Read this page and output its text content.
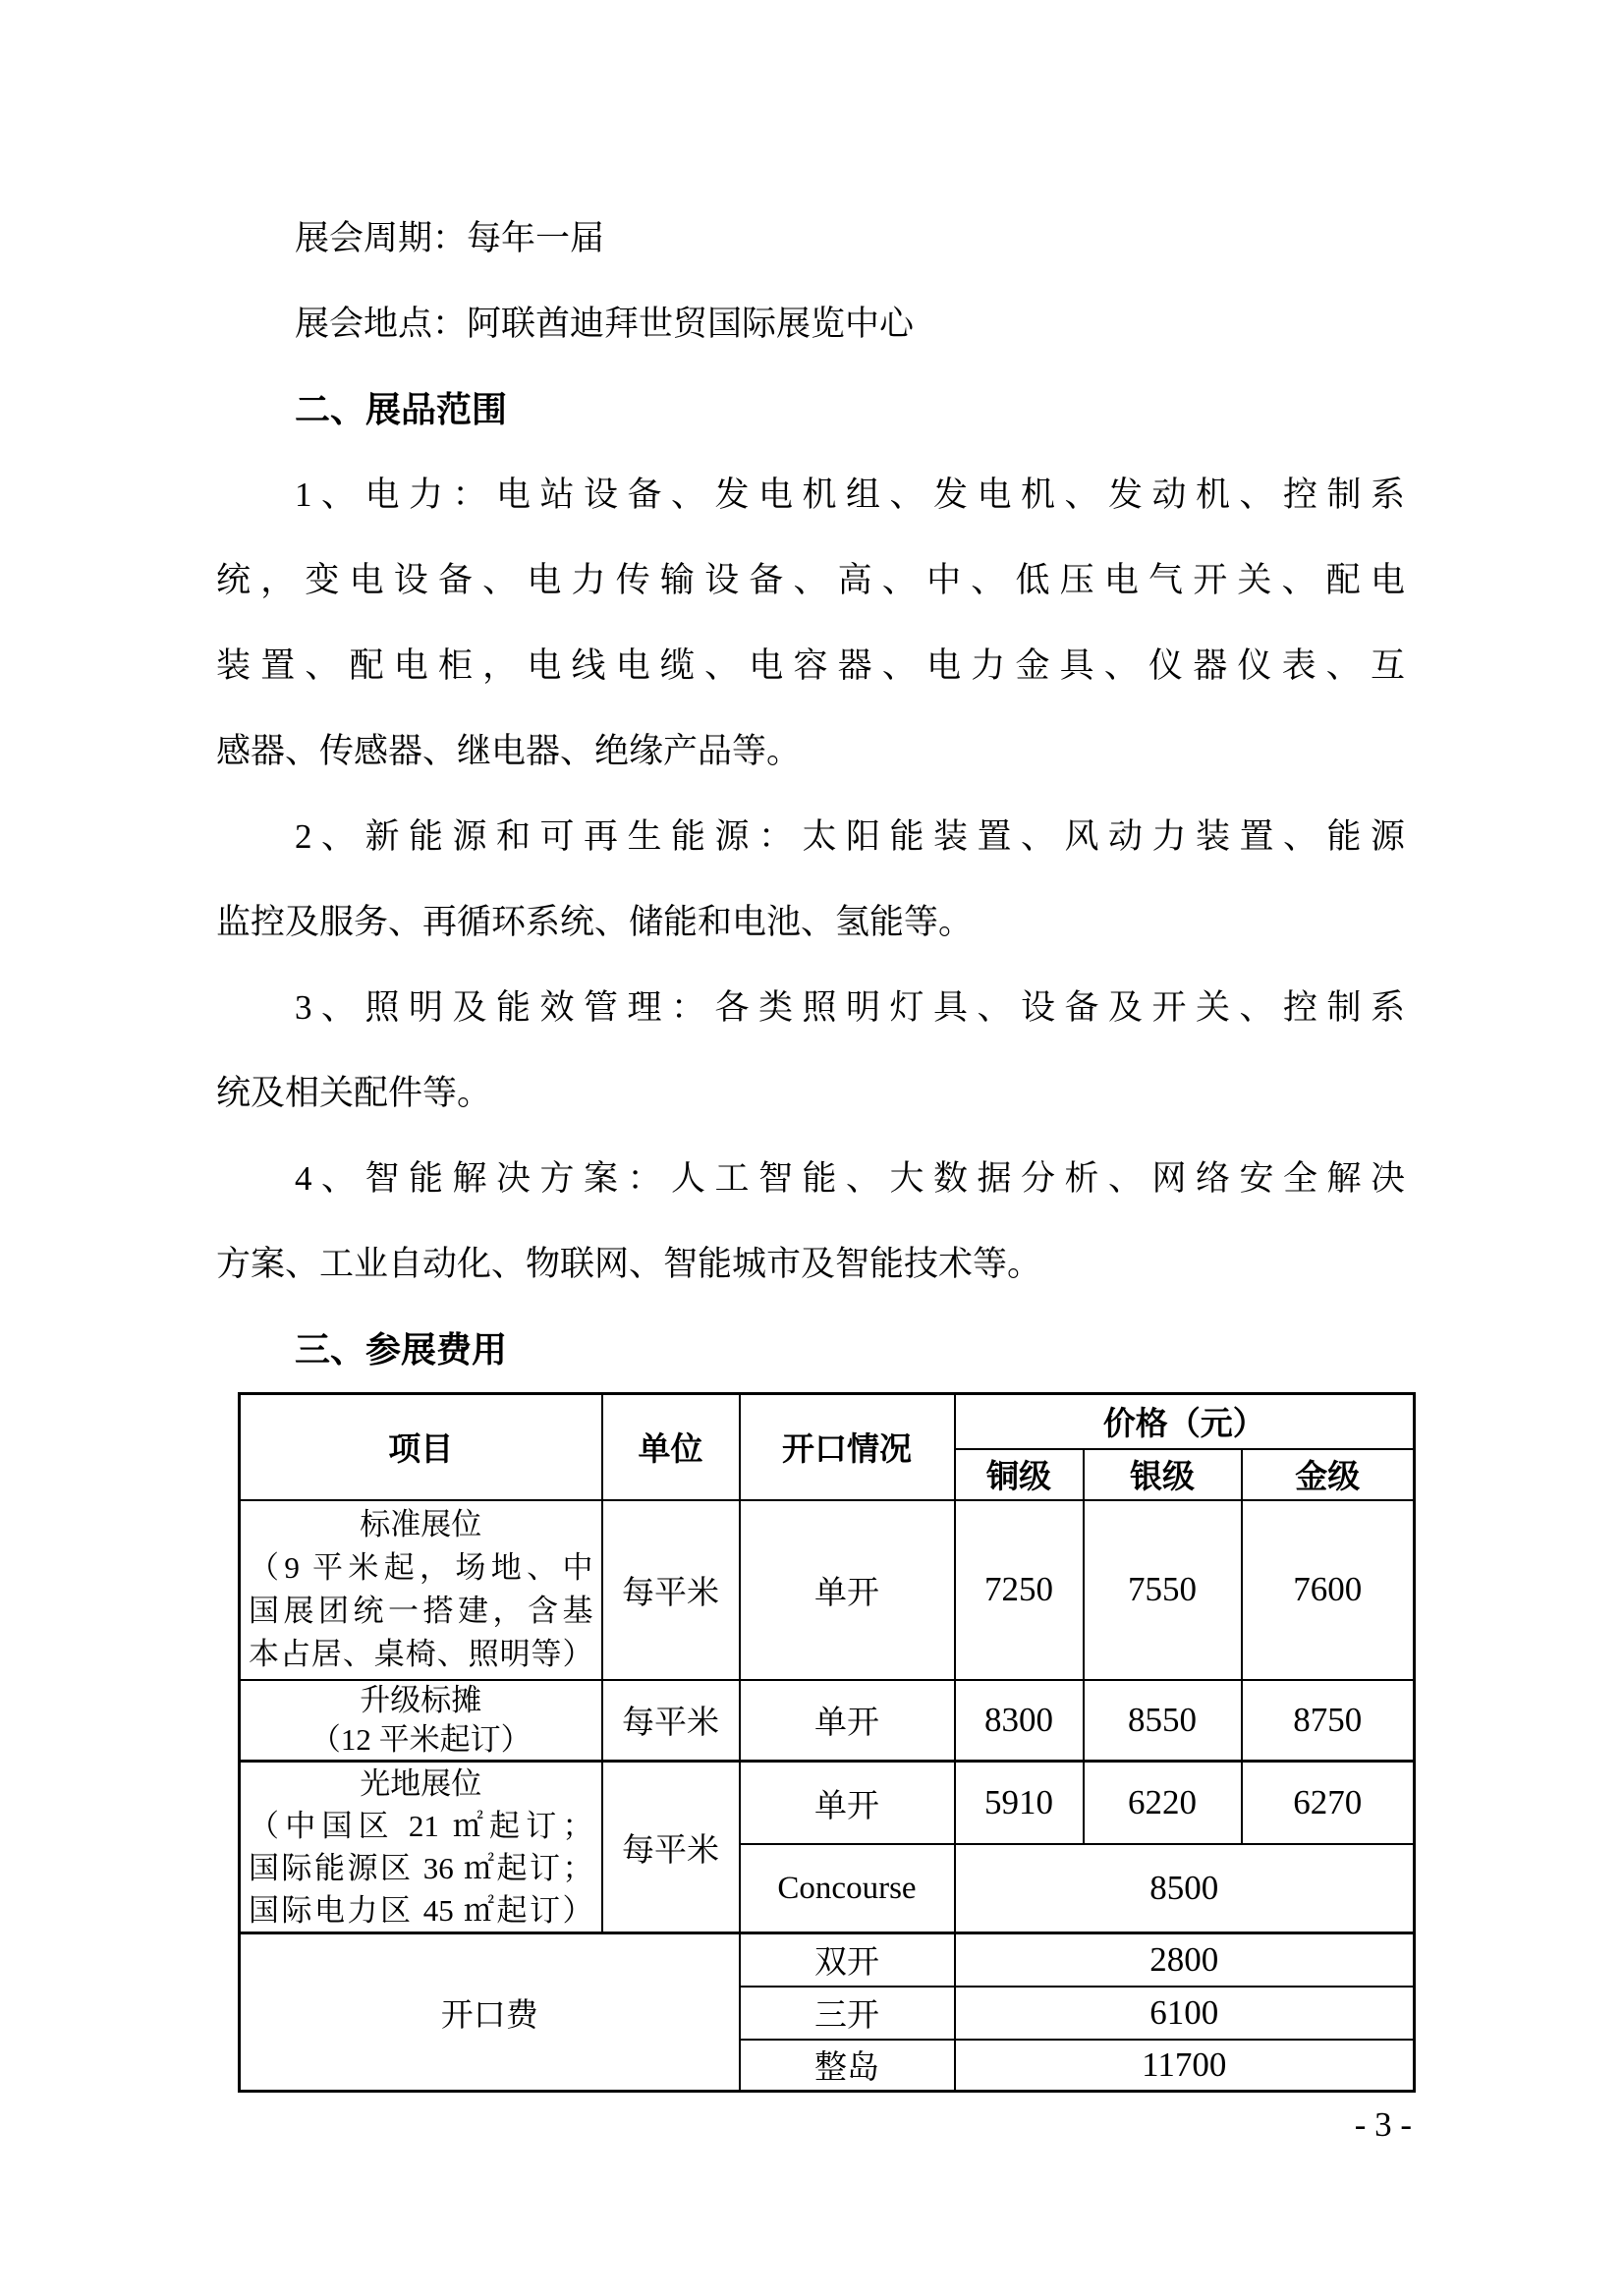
展会周期：每年一届
展会地点：阿联酋迪拜世贸国际展览中心
二、展品范围
1、电力：电站设备、发电机组、发电机、发动机、控制系
统，变电设备、电力传输设备、高、中、低压电气开关、配电
装置、配电柜，电线电缆、电容器、电力金具、仪器仪表、互
感器、传感器、继电器、绝缘产品等。
2、新能源和可再生能源：太阳能装置、风动力装置、能源
监控及服务、再循环系统、储能和电池、氢能等。
3、照明及能效管理：各类照明灯具、设备及开关、控制系
统及相关配件等。
4、智能解决方案：人工智能、大数据分析、网络安全解决
方案、工业自动化、物联网、智能城市及智能技术等。
三、参展费用
项目	单位	开口情况	价格（元）		
			铜级	银级	金级

标准展位
（9 平米起，场地、中
国展团统一搭建，含基
本占居、桌椅、照明等）	每平米	单开	7250	7550	7600

升级标摊
（12 平米起订）	每平米	单开	8300	8550	8750

光地展位
（中国区 21 ㎡起订；
国际能源区 36 ㎡起订；
国际电力区 45 ㎡起订）	每平米	单开	5910	6220	6270
		Concourse	8500		
开口费		双开	2800		
		三开	6100		
		整岛	11700		
- 3 -
